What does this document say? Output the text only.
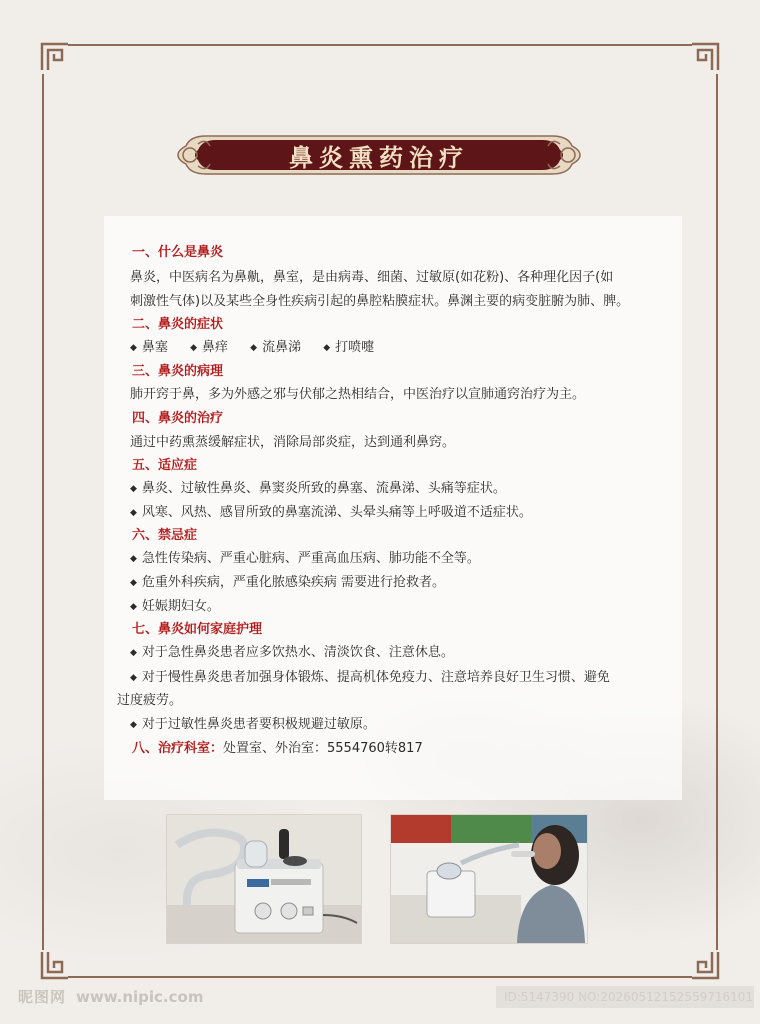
鼻炎熏药治疗
一、什么是鼻炎
鼻炎，中医病名为鼻鼽，鼻室，是由病毒、细菌、过敏原(如花粉)、各种理化因子(如
刺激性气体)以及某些全身性疾病引起的鼻腔粘膜症状。鼻渊主要的病变脏腑为肺、脾。
二、鼻炎的症状
◆ 鼻塞 ◆ 鼻痒 ◆ 流鼻涕 ◆ 打喷嚏
三、鼻炎的病理
肺开窍于鼻，多为外感之邪与伏郁之热相结合，中医治疗以宣肺通窍治疗为主。
四、鼻炎的治疗
通过中药熏蒸缓解症状，消除局部炎症，达到通利鼻窍。
五、适应症
◆ 鼻炎、过敏性鼻炎、鼻窦炎所致的鼻塞、流鼻涕、头痛等症状。
◆ 风寒、风热、感冒所致的鼻塞流涕、头晕头痛等上呼吸道不适症状。
六、禁忌症
◆ 急性传染病、严重心脏病、严重高血压病、肺功能不全等。
◆ 危重外科疾病，严重化脓感染疾病 需要进行抢救者。
◆ 妊娠期妇女。
七、鼻炎如何家庭护理
◆ 对于急性鼻炎患者应多饮热水、清淡饮食、注意休息。
◆ 对于慢性鼻炎患者加强身体锻炼、提高机体免疫力、注意培养良好卫生习惯、避免
过度疲劳。
◆ 对于过敏性鼻炎患者要积极规避过敏原。
八、治疗科室：处置室、外治室：5554760转817
昵图网 www.nipic.com	ID:5147390 NO:20260512152559716101
